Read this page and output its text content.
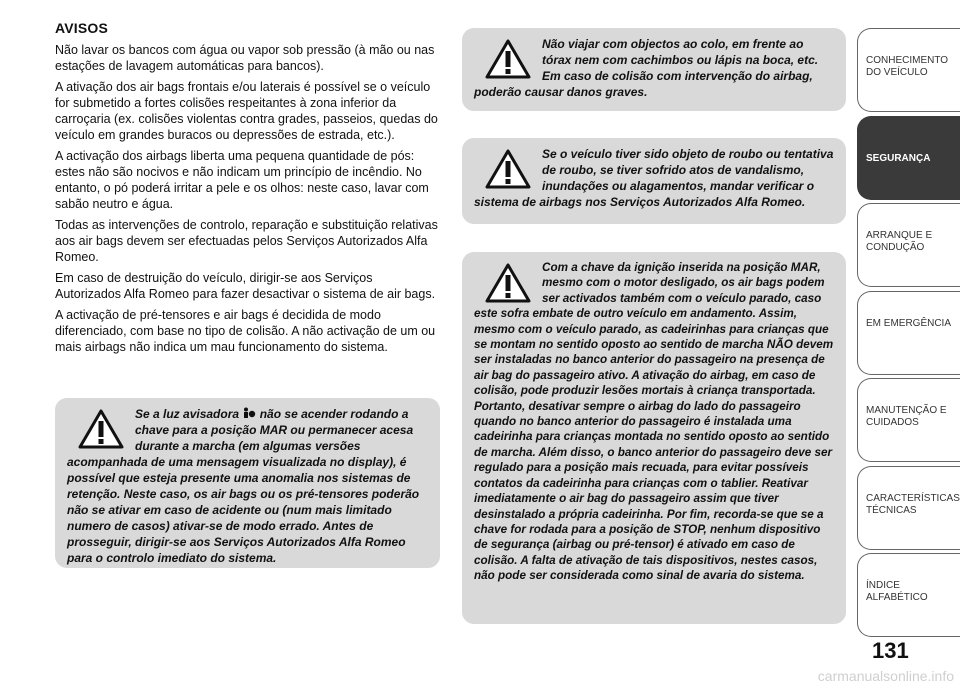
AVISOS

Não lavar os bancos com água ou vapor sob pressão (à mão ou nas estações de lavagem automáticas para bancos).

A ativação dos air bags frontais e/ou laterais é possível se o veículo for submetido a fortes colisões respeitantes à zona inferior da carroçaria (ex. colisões violentas contra grades, passeios, quedas do veículo em grandes buracos ou depressões de estrada, etc.).

A activação dos airbags liberta uma pequena quantidade de pós: estes não são nocivos e não indicam um princípio de incêndio. No entanto, o pó poderá irritar a pele e os olhos: neste caso, lavar com sabão neutro e água.

Todas as intervenções de controlo, reparação e substituição relativas aos air bags devem ser efectuadas pelos Serviços Autorizados Alfa Romeo.

Em caso de destruição do veículo, dirigir-se aos Serviços Autorizados Alfa Romeo para fazer desactivar o sistema de air bags.

A activação de pré-tensores e air bags é decidida de modo diferenciado, com base no tipo de colisão. A não activação de um ou mais airbags não indica um mau funcionamento do sistema.

Se a luz avisadora  não se acender rodando a chave para a posição MAR ou permanecer acesa durante a marcha (em algumas versões acompanhada de uma mensagem visualizada no display), é possível que esteja presente uma anomalia nos sistemas de retenção. Neste caso, os air bags ou os pré-tensores poderão não se ativar em caso de acidente ou (num mais limitado numero de casos) ativar-se de modo errado. Antes de prosseguir, dirigir-se aos Serviços Autorizados Alfa Romeo para o controlo imediato do sistema.

Não viajar com objectos ao colo, em frente ao tórax nem com cachimbos ou lápis na boca, etc. Em caso de colisão com intervenção do airbag, poderão causar danos graves.

Se o veículo tiver sido objeto de roubo ou tentativa de roubo, se tiver sofrido atos de vandalismo, inundações ou alagamentos, mandar verificar o sistema de airbags nos Serviços Autorizados Alfa Romeo.

Com a chave da ignição inserida na posição MAR, mesmo com o motor desligado, os air bags podem ser activados também com o veículo parado, caso este sofra embate de outro veículo em andamento. Assim, mesmo com o veículo parado, as cadeirinhas para crianças que se montam no sentido oposto ao sentido de marcha NÃO devem ser instaladas no banco anterior do passageiro na presença de air bag do passageiro ativo. A ativação do airbag, em caso de colisão, pode produzir lesões mortais à criança transportada. Portanto, desativar sempre o airbag do lado do passageiro quando no banco anterior do passageiro é instalada uma cadeirinha para crianças montada no sentido oposto ao sentido de marcha. Além disso, o banco anterior do passageiro deve ser regulado para a posição mais recuada, para evitar possíveis contatos da cadeirinha para crianças com o tablier. Reativar imediatamente o air bag do passageiro assim que tiver desinstalado a própria cadeirinha. Por fim, recorda-se que se a chave for rodada para a posição de STOP, nenhum dispositivo de segurança (airbag ou pré-tensor) é ativado em caso de colisão. A falta de ativação de tais dispositivos, nestes casos, não pode ser considerada como sinal de avaria do sistema.

CONHECIMENTO DO VEÍCULO
SEGURANÇA
ARRANQUE E CONDUÇÃO
EM EMERGÊNCIA
MANUTENÇÃO E CUIDADOS
CARACTERÍSTICAS TÉCNICAS
ÍNDICE ALFABÉTICO
131
carmanualsonline.info
